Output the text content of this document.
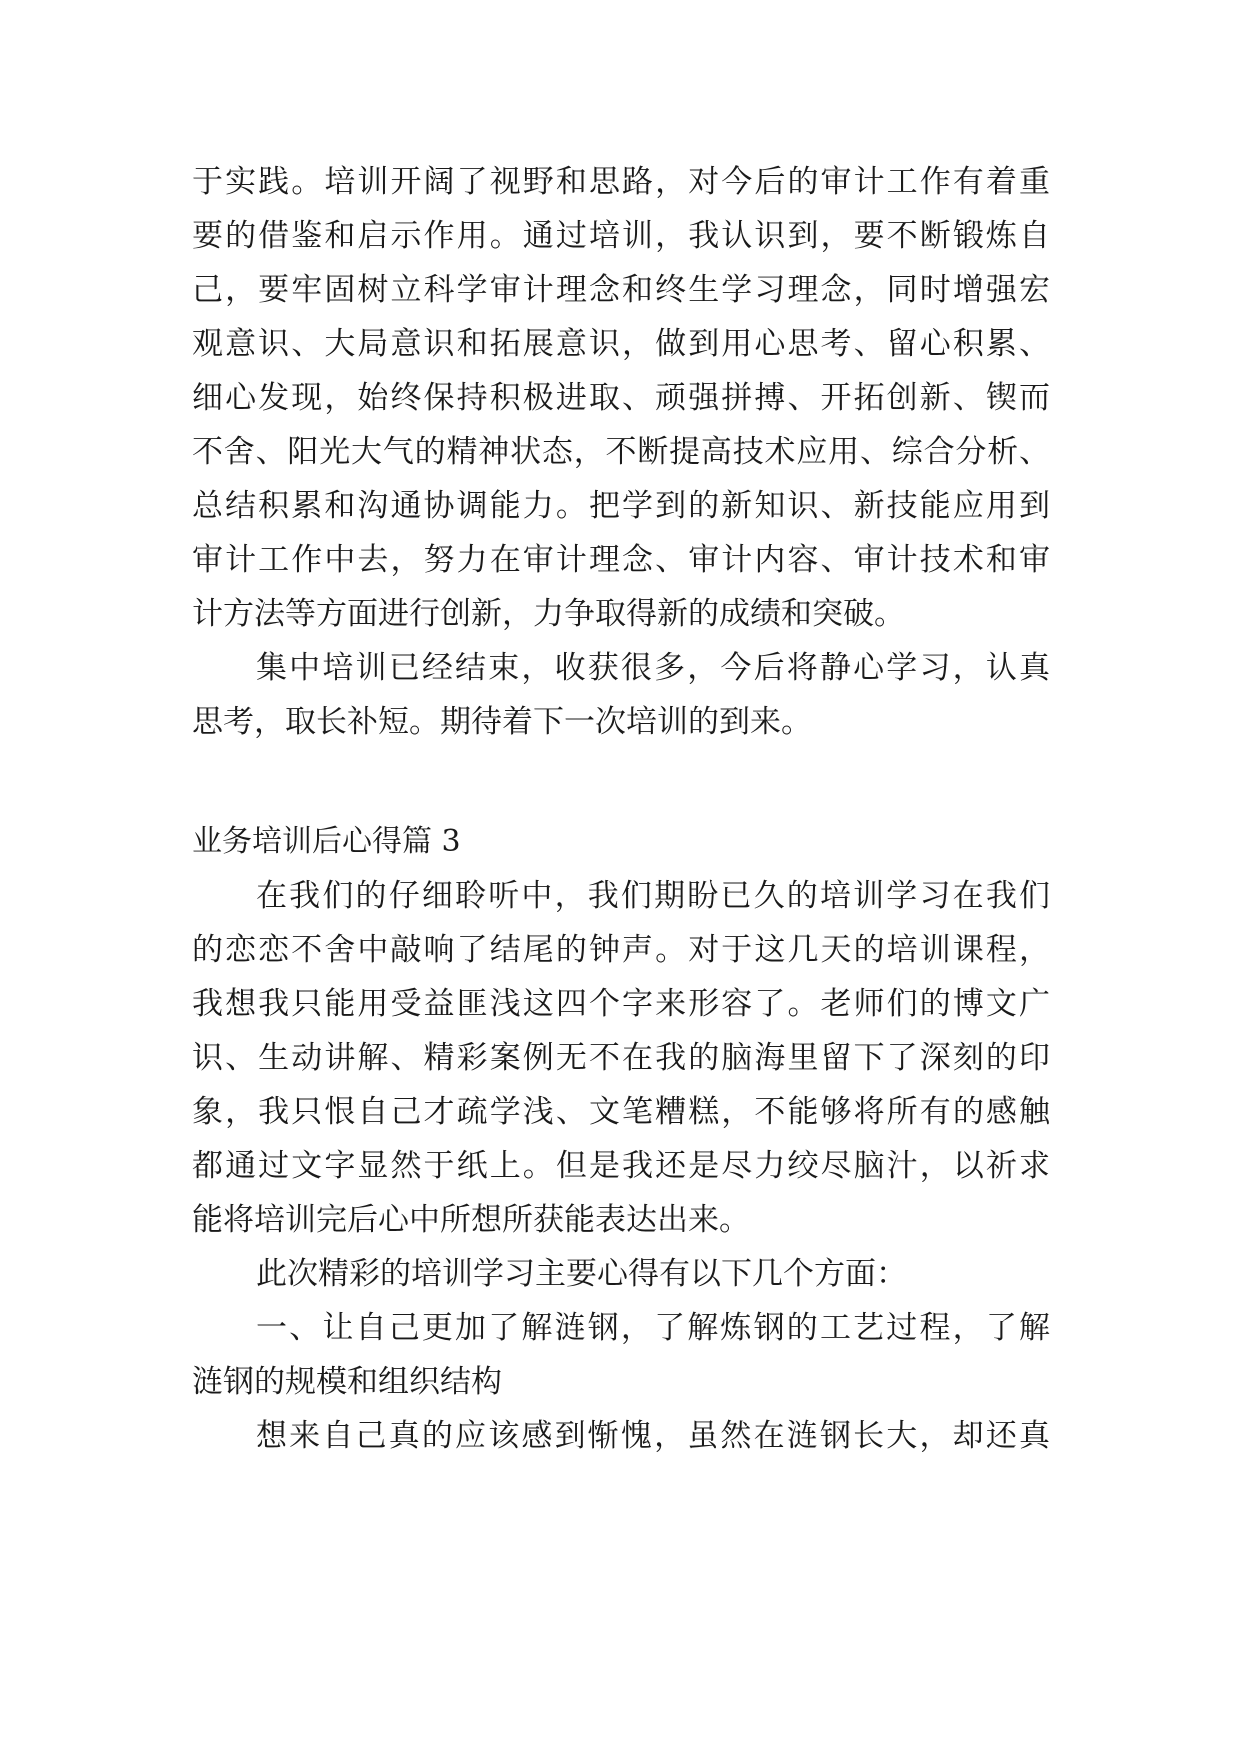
于实践。培训开阔了视野和思路，对今后的审计工作有着重
要的借鉴和启示作用。通过培训，我认识到，要不断锻炼自
己，要牢固树立科学审计理念和终生学习理念，同时增强宏
观意识、大局意识和拓展意识，做到用心思考、留心积累、
细心发现，始终保持积极进取、顽强拼搏、开拓创新、锲而
不舍、阳光大气的精神状态，不断提高技术应用、综合分析、
总结积累和沟通协调能力。把学到的新知识、新技能应用到
审计工作中去，努力在审计理念、审计内容、审计技术和审
计方法等方面进行创新，力争取得新的成绩和突破。
集中培训已经结束，收获很多，今后将静心学习，认真
思考，取长补短。期待着下一次培训的到来。
业务培训后心得篇 3
在我们的仔细聆听中，我们期盼已久的培训学习在我们
的恋恋不舍中敲响了结尾的钟声。对于这几天的培训课程，
我想我只能用受益匪浅这四个字来形容了。老师们的博文广
识、生动讲解、精彩案例无不在我的脑海里留下了深刻的印
象，我只恨自己才疏学浅、文笔糟糕，不能够将所有的感触
都通过文字显然于纸上。但是我还是尽力绞尽脑汁，以祈求
能将培训完后心中所想所获能表达出来。
此次精彩的培训学习主要心得有以下几个方面：
一、让自己更加了解涟钢，了解炼钢的工艺过程，了解
涟钢的规模和组织结构
想来自己真的应该感到惭愧，虽然在涟钢长大，却还真
